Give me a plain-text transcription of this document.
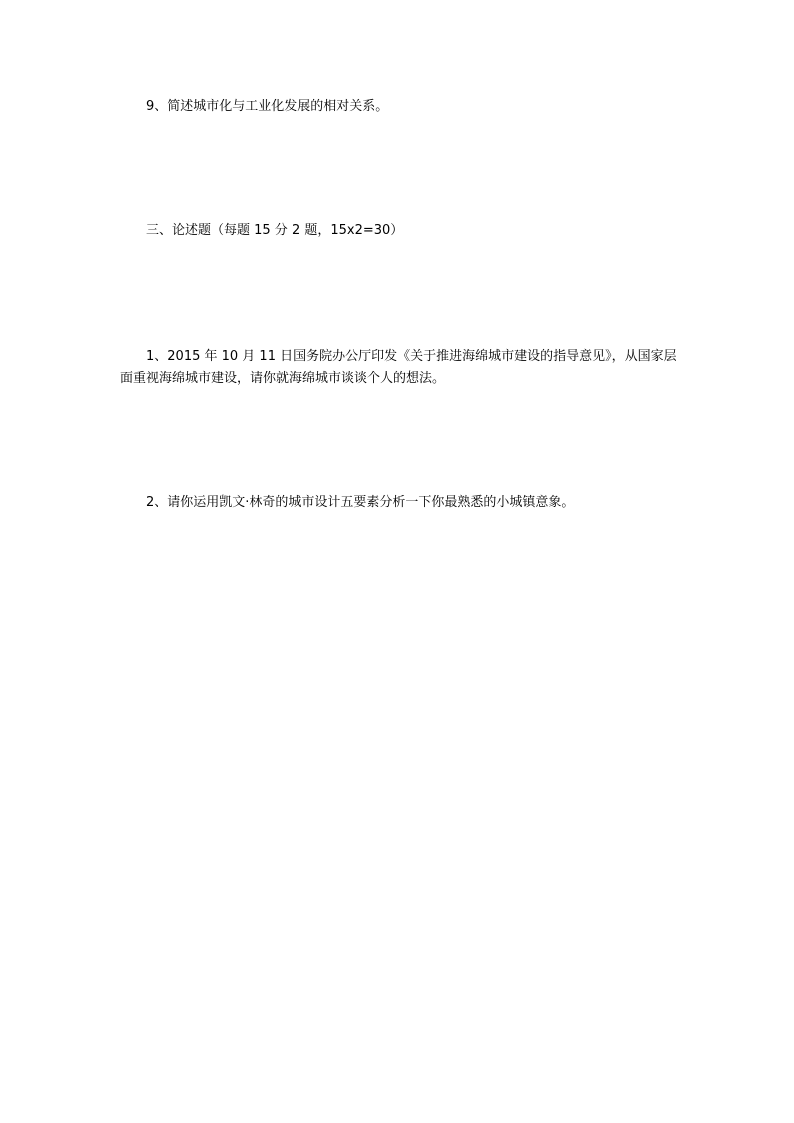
9、简述城市化与工业化发展的相对关系。

三、论述题（每题 15 分 2 题，15x2=30）

1、2015 年 10 月 11 日国务院办公厅印发《关于推进海绵城市建设的指导意见》，从国家层面重视海绵城市建设，请你就海绵城市谈谈个人的想法。

2、请你运用凯文·林奇的城市设计五要素分析一下你最熟悉的小城镇意象。
